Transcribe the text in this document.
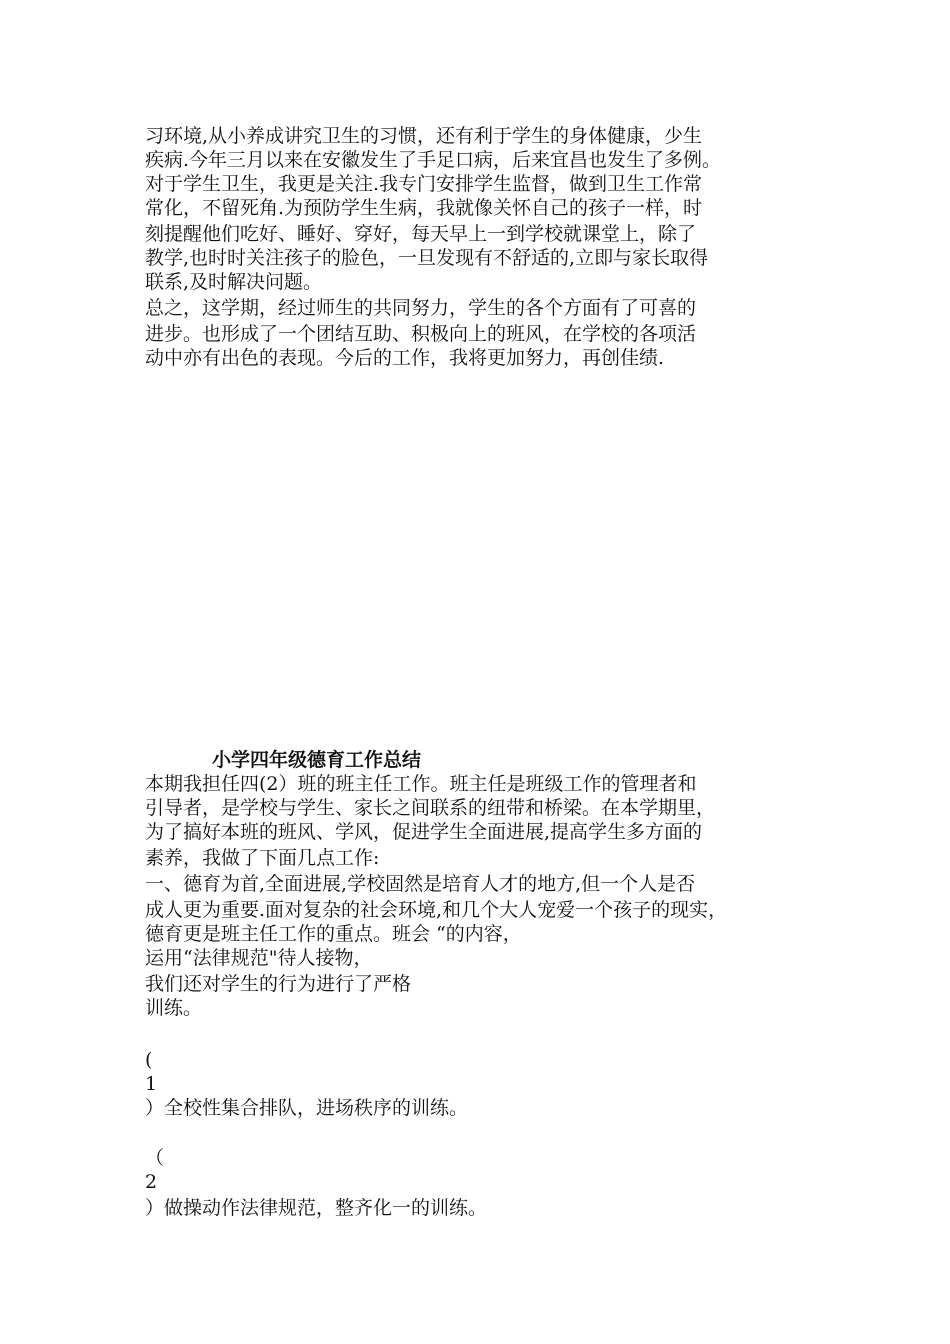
习环境,从小养成讲究卫生的习惯，还有利于学生的身体健康，少生
疾病.今年三月以来在安徽发生了手足口病，后来宜昌也发生了多例。
对于学生卫生，我更是关注.我专门安排学生监督，做到卫生工作常
常化，不留死角.为预防学生生病，我就像关怀自己的孩子一样，时
刻提醒他们吃好、睡好、穿好，每天早上一到学校就课堂上，除了
教学,也时时关注孩子的脸色，一旦发现有不舒适的,立即与家长取得
联系,及时解决问题。
总之，这学期，经过师生的共同努力，学生的各个方面有了可喜的
进步。也形成了一个团结互助、积极向上的班风，在学校的各项活
动中亦有出色的表现。今后的工作，我将更加努力，再创佳绩.
小学四年级德育工作总结
本期我担任四(2）班的班主任工作。班主任是班级工作的管理者和
引导者，是学校与学生、家长之间联系的纽带和桥梁。在本学期里，
为了搞好本班的班风、学风，促进学生全面进展,提高学生多方面的
素养，我做了下面几点工作:
一、德育为首,全面进展,学校固然是培育人才的地方,但一个人是否
成人更为重要.面对复杂的社会环境,和几个大人宠爱一个孩子的现实，
德育更是班主任工作的重点。班会 “的内容，
运用“法律规范"待人接物，
我们还对学生的行为进行了严格
训练。
(
1
）全校性集合排队，进场秩序的训练。
（
2
）做操动作法律规范，整齐化一的训练。
